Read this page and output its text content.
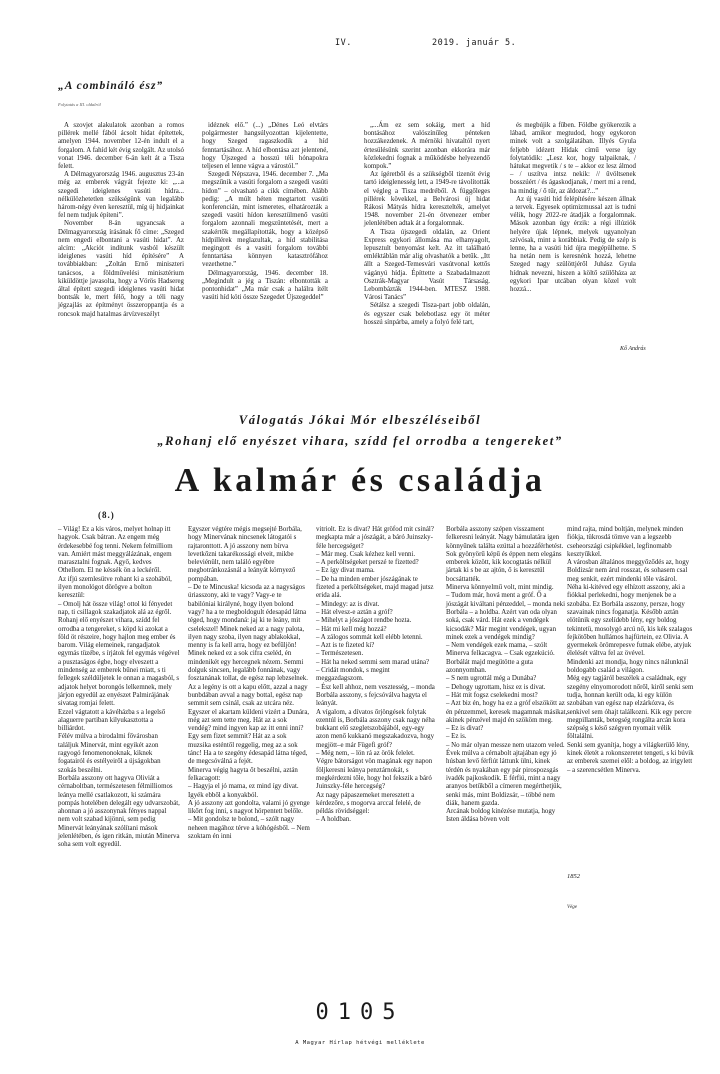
IV.	2019. január 5.
„A combináló ész”
Folytatás a III. oldalról

A szovjet alakulatok azonban a romos pillérek mellé fából ácsolt hidat építettek, amelyen 1944. november 12-én indult el a forgalom. A fahíd két évig szolgált. Az utolsó vonat 1946. december 6-án kelt át a Tisza felett.

A Délmagyarország 1946. augusztus 23-án még az emberek vágyát fejezte ki: „...a szegedi ideiglenes vasúti hídra... nélkülözhetetlen szükségünk van legalább három-négy éven keresztül, míg új hidjainkat fel nem tudjuk építeni”.

November 8-án ugyancsak a Délmagyarország írásának fő címe: „Szeged nem engedi elbontani a vasúti hidat”. Az alcím: „Akciót indítunk vasból készült ideiglenes vasúti híd építésére” A továbbiakban: „Zoltán Ernő miniszteri tanácsos, a földművelési minisztérium kiküldöttje javasolta, hogy a Vörös Hadsereg által épített szegedi ideiglenes vasúti hidat bontsák le, mert félő, hogy a téli nagy jégzajlás az építményt összeroppantja és a roncsok majd hatalmas árvízveszélyt

idéznek elő.” (...) „Dénes Leó elvtárs polgármester hangsúlyozottan kijelentette, hogy Szeged ragaszkodik a híd fenntartásához. A híd elbontása azt jelentené, hogy Újszeged a hosszú téli hónapokra teljesen el lenne vágva a várostól.”

Szegedi Népszava, 1946. december 7. „Ma megszűnik a vasúti forgalom a szegedi vasúti hídon” – olvasható a cikk címében. Alább pedig: „A múlt héten megtartott vasúti konferencián, mint ismeretes, elhatározták a szegedi vasúti hídon keresztülmenő vasúti forgalom azonnali megszüntetését, mert a szakértők megállapították, hogy a középső hídpillérek meglazultak, a híd stabilitása megingott és a vasúti forgalom további fenntartása könnyen katasztrófához vezethetne.”

Délmagyarország, 1946. december 18. „Megindult a jég a Tiszán: elbontották a pontonhidat” „Ma már csak a halálra ítélt vasúti híd köti össze Szegedet Újszegeddel”

„...Ám ez sem sokáig, mert a híd bontásához valószínűleg pénteken hozzákezdenek. A mérnöki hivataltól nyert értesülésünk szerint azonban ekkorára már közlekedni fognak a működésbe helyezendő kompok.”

Az ígéretből és a szükségből tizenöt évig tartó ideiglenesség lett, a 1949-re távolították el végleg a Tisza medréből. A függőleges pillérek kövekkel, a Belvárosi új hidat Rákosi Mátyás hídra keresztelték, amelyet 1948. november 21-én ötvenezer ember jelenlétében adtak át a forgalomnak.

A Tisza újszegedi oldalán, az Orient Express egykori állomása ma elhanyagolt, lepusztult benyomást kelt. Az itt található emléktáblán már alig olvashatók a betűk. „Itt állt a Szeged-Temesvári vasútvonal kettős vágányú hídja. Építtette a Szabadalmazott Osztrák-Magyar Vasút Társaság. Lebombázták 1944-ben. MTESZ 1988. Városi Tanács”

Sétálsz a szegedi Tisza-part jobb oldalán, és egyszer csak belebotlasz egy öt méter hosszú sínpárba, amely a folyó felé tart,

és megbújik a fűben. Földbe gyökerezik a lábad, amikor megtudod, hogy egykoron minek volt a szolgálatában. Illyés Gyula feljebb idézett Hídak című verse így folytatódik: „Lesz kor, hogy talpaiknak, / hátukat megvetik / s te – akkor ez lesz álmod – / uszítva intsz nekik: // űvöltsenek bosszúért / és ágaskodjanak, / mert mi a rend, ha mindig / ő tűr, az áldozat?...”

Az új vasúti híd felépítésére készen állnak a tervek. Egyesek optimizmussal azt is tudni vélik, hogy 2022-re átadják a forgalomnak. Mások azonban úgy érzik: a régi illúziók helyére újak lépnek, melyek ugyanolyan szívósak, mint a korábbiak. Pedig de szép is lenne, ha a vasúti híd újra megépülhetne. S ha netán nem is keresnénk hozzá, lehetne Szeged nagy szülöttjéről Juhász Gyula hídnak nevezni, hiszen a költő szülőháza az egykori Ipar utcában olyan közel volt hozzá...

Kő András
Válogatás Jókai Mór elbeszéléseiből
„Rohanj elő enyészet vihara, szídd fel orrodba a tengereket”
A kalmár és családja
(8.)

– Világ! Ez a kis város, melyet holnap itt hagyok. Csak bátran. Az engem még érdekesebbé fog tenni. Nekem felmilliom van. Amiért mást meggyálázának, engem marasztalni fognak. Agyő, kedves Othellom. El ne késsék ön a leckéről.

Az ifjú szemlesütve rohant ki a szobából, ilyen monológot dörögve a bolton keresztül:

– Omolj hát össze világ! ottol ki fényedet nap, ti csillagok szakadjatok alá az égről. Rohanj elő enyészet vihara, szídd fel orrodba a tengereket, s köpd ki azokat a föld öt részeire, hogy hajlon meg ember és barom. Világ elemeinek, rangadjatok egymás tüzébe, s írjátok fel egymás végével a pusztaságos égbe, hogy elveszett a mindenség az emberek bűnei miatt, s ti fellegek széldüljetek le onnan a magasból, s adjatok helyet borongós lelkemnek, mely járjon egyedül az enyészet Palmirájának sivatag romjai felett.

Ezzel vágtatott a kávéházba s a legelső alaguerre partiban kilyukasztotta a billiárdot.

Félév múlva a birodalmi fővárosban találjuk Minervát, mint egyikét azon ragyogó fenomenonoknak, kiknek fogatairól és estélyeiről a újságokban szokás beszélni.

Borbála asszony ott hagyva Oliviát a cérnaboltban, természetesen félmilliomos leánya mellé csatlakozott, ki számára pompás hotelében delegált egy udvarszobát, ahonnan a jó asszonynak fényes nappal nem volt szabad kijönni, sem pedig Minervát leányának szólítani mások jelenlétében, és igen ritkán, miután Minerva soha sem volt egyedül.

Egyszer végtére mégis megsejté Borbála, hogy Minervának nincsenek látogatói s rajtaronttott. A jó asszony nem bírva levetkőzni takarékossági elveit, mikbe beleviénült, nem találó egyébre megbotránkozásnál a leányát környező pompában.

– De te Mincuska! kicsoda az a nagyságos úriasszony, aki te vagy? Vagy-e te babilóniai királyné, hogy ilyen bolond vagy? ha a te megboldogult édesapád látna téged, hogy mondaná: jaj ki te leány, mit cselekszel! Minek neked az a nagy palota, ilyen nagy szoba, ilyen nagy ablakokkal, menny is fa kell arra, hogy ez befűljön! Minek neked ez a sok cifra cseléd, én mindenikét egy hercegnek nézem. Semmi dolguk sincsen, legalább fonnának, vagy fosztanának tollat, de egész nap lebzselnek. Az a legény is ott a kapu előtt, azzal a nagy bunbdában avval a nagy bottal, egész nap semmit sem csinál, csak az utcára néz. Egyszer el akartam küldeni vizért a Dunára, még azt sem tette meg. Hát az a sok vendég? mind ingyen kap az itt enni inni? Egy sem fizet semmit? Hát az a sok muzsika esténtől reggelig, meg az a sok tánc! Ha a te szegény édesapád látna téged, de megcsóválná a fejét.

Minerva végig hagyta őt beszélni, aztán felkacagott:

– Hagyja el jó mama, ez mind így divat. Igyék ebből a konyakból.

A jó asszony azt gondolta, valami jó gyenge likőrt fog inni, s nagyot hörpentett belőle.

– Mit gondolsz te bolond, – szólt nagy neheen magához térve a kóhógésből. – Nem szoktam én inni

vitriolt. Ez is divat? Hát gröfod mit csinál? megkapta már a jószágát, a báró Juinszky-féle hercegséget?

– Már meg. Csak kézhez kell venni.

– A perköltségeket perszé te fizetted?

– Ez így divat mama.

– De ha minden ember jószágának te fizeted a perköltségeket, majd magad jutsz erida alá.

– Mindegy: az is divat.

– Hát elvesz-e aztán a gróf?

– Mihelyt a jószágot rendbe hozta.

– Hát mi kell még hozzá?

– A zálogos sommát kell elébb letenni.

– Azt is te fizeted ki?

– Természetesen.

– Hát ha neked semmi sem marad utána?

– Cridát mondok, s megint meggazdagszom.

– Ész kell ahhoz, nem vesztesség, – monda Borbála asszony, s fejcsóválva hagyta el leányát.

A vígalom, a dívatos őrjöngések folytak ezentúl is, Borbála asszony csak nagy néha bukkant elő szegletszobájából, egy-egy azon menő kukkanó megszakadozva, hogy megjött–e már Fügefi gróf?

– Még nem, – lön rá az örök felelet.

Végre bátorságot vön magának egy napon följkeresni leánya penztárnokát, s megkérdezni tőle, hogy hol fekszik a báró Juinszky-féle hercegség?

Az nagy pápaszemeket meresztett a kérdezőre, s mogorva arccal felelé, de példás rövidséggel:

– A holdban.

Borbála asszony szépen visszament felkeresni leányát. Nagy bámulatára igen könnyűnek találta ezúttal a hozzáférhetést. Sok gyönyörű képű és éppen nem elegáns emberek között, kik kocogtatás nélkül jártak ki s be az ajtón, ő is keresztül bocsáttatték.

Minerva könnyelmű volt, mint mindig.

– Tudom már, hová ment a gróf. Ő a jószágát kiváltani pénzeddel, – monda neki Borbála – a holdba. Azért van oda olyan soká, csak várd. Hát ezek a vendégek kicsodák? Már megint vendégek, ugyan minek ezek a vendégek mindig?

– Nem vendégek ezek mama, – szólt Minerva felkacagva. – Csak egzekúció.

Borbálát majd megütötte a guta azonnyomban.

– S nem ugrottál még a Dunába?

– Dehogy ugrottam, hisz ez is divat.

– Hát mit fogsz cselekedni most?

– Azt biz én, hogy ha ez a gróf elszökött az én pénzemmel, keresek magamnak másikat, akinek pénzével majd én szököm meg.

– Ez is divat?

– Ez is.

– No már olyan messze nem utazom veled.

Évek múlva a cérnabolt ajtajában egy jó húsban levő férfiút láttunk ülni, kinek térdén és nyakában egy pár pirospozsgás ivadék pajkoskodik. E férfiú, mint a nagy aranyos betűkből a címeren megérthetjük, senki más, mint Boldizsár, – többé nem diák, hanem gazda.

Arcának boldog kinézése mutatja, hogy Isten áldása böven volt

mind rajta, mind boltján, melynek minden fiókja, tükrosdá tömve van a legszebb cseheországi csipkékkel, legfinomabb kesztyűkkel.

A városban általános meggyőződés az, hogy Boldizsár nem árul rosszat, és sohasem csal meg senkit, ezért mindenki tőle vásárol.

Néha ki-kitéved egy elhízott asszony, aki a fiókkal perlekedni, hogy menjenek be a szobába. Ez Borbála asszony, persze, hogy szavainak nincs foganatja. Később aztán elötünik egy szelídebb lény, egy boldog tekintetü, mosolygó arcú nő, kis kék szalagos fejkötőben hullámos hajfürtein, ez Olivia. A gyermekek örömrepesve futnak elébe, atyjuk élelését váltva fel az övével.

Mindenki azt mondja, hogy nincs nálunknál boldogabb család a világon.

Még egy tagjáról beszélek a családnak, egy szegény elnyomorodott nőről, kiről senki sem tudja, honnan került oda, ki egy külön szobában van egész nap elzárkózva, és senkivel sem óhajt találkozni. Kik egy percre megpillanták, betegség rongálta arcán kora szépség s késő szégyen nyomait vélik föltalálni.

Senki sem gyanítja, hogy a világkerülő lény, kinek életét a rokonszeretet tengeti, s ki búvik az emberek szemei elől: a boldog, az irigylett – a szerencsétlen Minerva.

1852
Vége
0105
A Magyar Hírlap hétvégi melléklete
